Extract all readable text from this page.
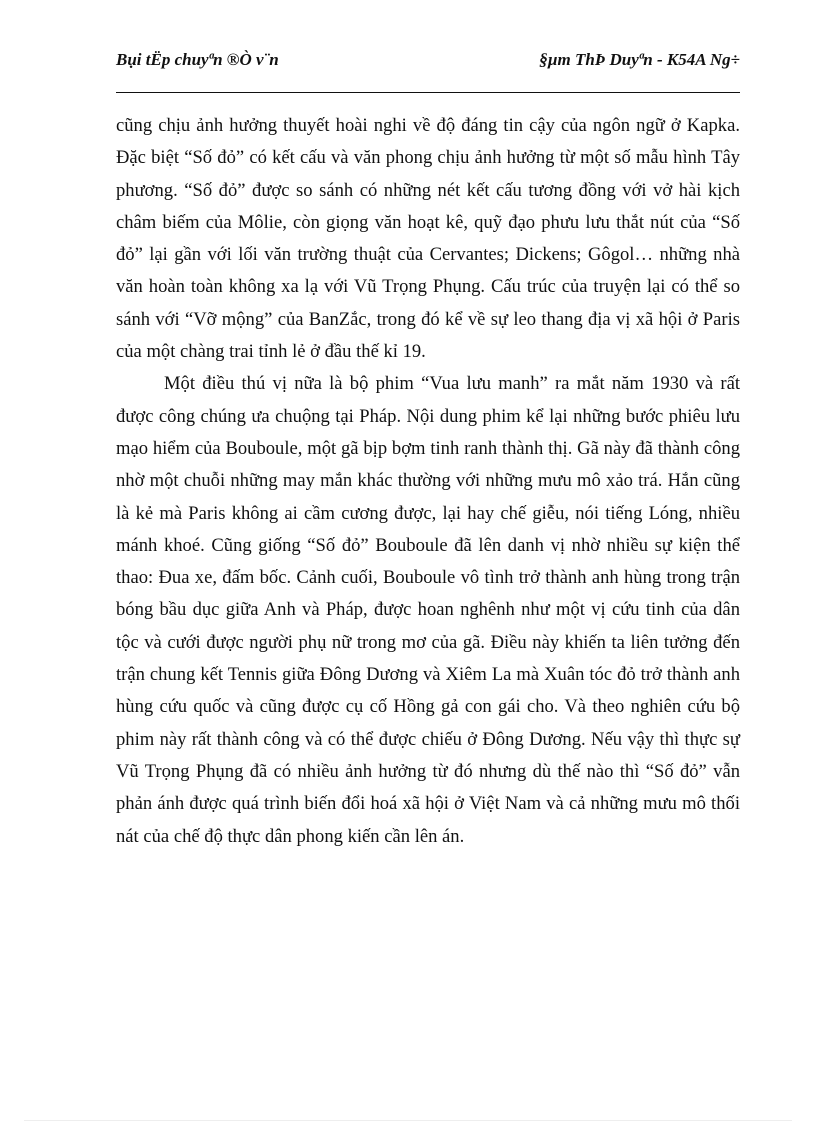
Bụi tËp chuyªn ®Ò v¨n	§µm ThÞ Duyªn - K54A Ng÷

cũng chịu ảnh hưởng thuyết hoài nghi về độ đáng tin cậy của ngôn ngữ ở Kapka. Đặc biệt “Số đỏ” có kết cấu và văn phong chịu ảnh hưởng từ một số mẫu hình Tây phương. “Số đỏ” được so sánh có những nét kết cấu tương đồng với vở hài kịch châm biếm của Môlie, còn giọng văn hoạt kê, quỹ đạo phưu lưu thắt nút của “Số đỏ” lại gần với lối văn trường thuật của Cervantes; Dickens; Gôgol… những nhà văn hoàn toàn không xa lạ với Vũ Trọng Phụng. Cấu trúc của truyện lại có thể so sánh với “Vỡ mộng” của BanZắc, trong đó kể về sự leo thang địa vị xã hội ở Paris của một chàng trai tỉnh lẻ ở đầu thế kỉ 19.

Một điều thú vị nữa là bộ phim “Vua lưu manh” ra mắt năm 1930 và rất được công chúng ưa chuộng tại Pháp. Nội dung phim kể lại những bước phiêu lưu mạo hiểm của Bouboule, một gã bịp bợm tinh ranh thành thị. Gã này đã thành công nhờ một chuỗi những may mắn khác thường với những mưu mô xảo trá. Hắn cũng là kẻ mà Paris không ai cầm cương được, lại hay chế giễu, nói tiếng Lóng, nhiều mánh khoé. Cũng giống “Số đỏ” Bouboule đã lên danh vị nhờ nhiều sự kiện thể thao: Đua xe, đấm bốc. Cảnh cuối, Bouboule vô tình trở thành anh hùng trong trận bóng bầu dục giữa Anh và Pháp, được hoan nghênh như một vị cứu tinh của dân tộc và cưới được người phụ nữ trong mơ của gã. Điều này khiến ta liên tưởng đến trận chung kết Tennis giữa Đông Dương và Xiêm La mà Xuân tóc đỏ trở thành anh hùng cứu quốc và cũng được cụ cố Hồng gả con gái cho. Và theo nghiên cứu bộ phim này rất thành công và có thể được chiếu ở Đông Dương. Nếu vậy thì thực sự Vũ Trọng Phụng đã có nhiều ảnh hưởng từ đó nhưng dù thế nào thì “Số đỏ” vẫn phản ánh được quá trình biến đổi hoá xã hội ở Việt Nam và cả những mưu mô thối nát của chế độ thực dân phong kiến cần lên án.
